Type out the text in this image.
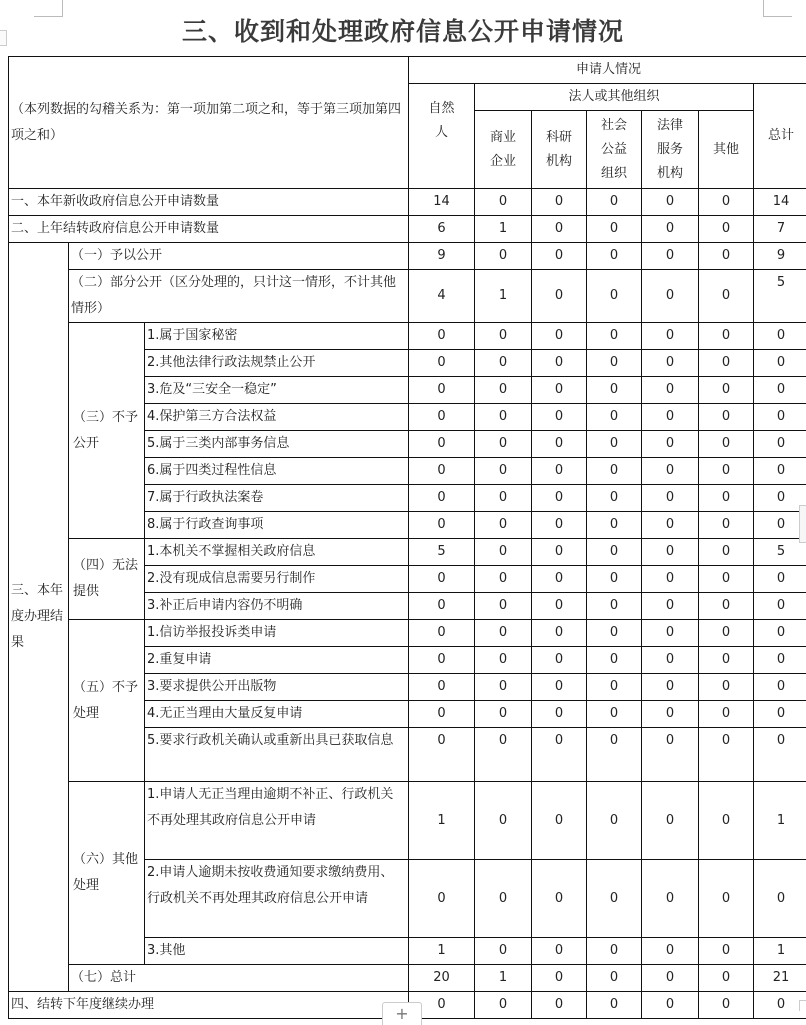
三、收到和处理政府信息公开申请情况
（本列数据的勾稽关系为：第一项加第二项之和，等于第三项加第四项之和）			申请人情况						
			自然人	法人或其他组织					总计
				商业企业	科研机构	社会公益组织	法律服务机构	其他	
一、本年新收政府信息公开申请数量			14	0	0	0	0	0	14
二、上年结转政府信息公开申请数量			6	1	0	0	0	0	7
三、本年度办理结果	（一）予以公开		9	0	0	0	0	0	9
	（二）部分公开（区分处理的，只计这一情形，不计其他情形）		4	1	0	0	0	0	5
	（三）不予公开	1.属于国家秘密	0	0	0	0	0	0	0
		2.其他法律行政法规禁止公开	0	0	0	0	0	0	0
		3.危及“三安全一稳定”	0	0	0	0	0	0	0
		4.保护第三方合法权益	0	0	0	0	0	0	0
		5.属于三类内部事务信息	0	0	0	0	0	0	0
		6.属于四类过程性信息	0	0	0	0	0	0	0
		7.属于行政执法案卷	0	0	0	0	0	0	0
		8.属于行政查询事项	0	0	0	0	0	0	0
	（四）无法提供	1.本机关不掌握相关政府信息	5	0	0	0	0	0	5
		2.没有现成信息需要另行制作	0	0	0	0	0	0	0
		3.补正后申请内容仍不明确	0	0	0	0	0	0	0
	（五）不予处理	1.信访举报投诉类申请	0	0	0	0	0	0	0
		2.重复申请	0	0	0	0	0	0	0
		3.要求提供公开出版物	0	0	0	0	0	0	0
		4.无正当理由大量反复申请	0	0	0	0	0	0	0
		5.要求行政机关确认或重新出具已获取信息	0	0	0	0	0	0	0
	（六）其他处理	1.申请人无正当理由逾期不补正、行政机关不再处理其政府信息公开申请	1	0	0	0	0	0	1
		2.申请人逾期未按收费通知要求缴纳费用、行政机关不再处理其政府信息公开申请	0	0	0	0	0	0	0
		3.其他	1	0	0	0	0	0	1
	（七）总计		20	1	0	0	0	0	21
四、结转下年度继续办理			0	0	0	0	0	0	0
+
